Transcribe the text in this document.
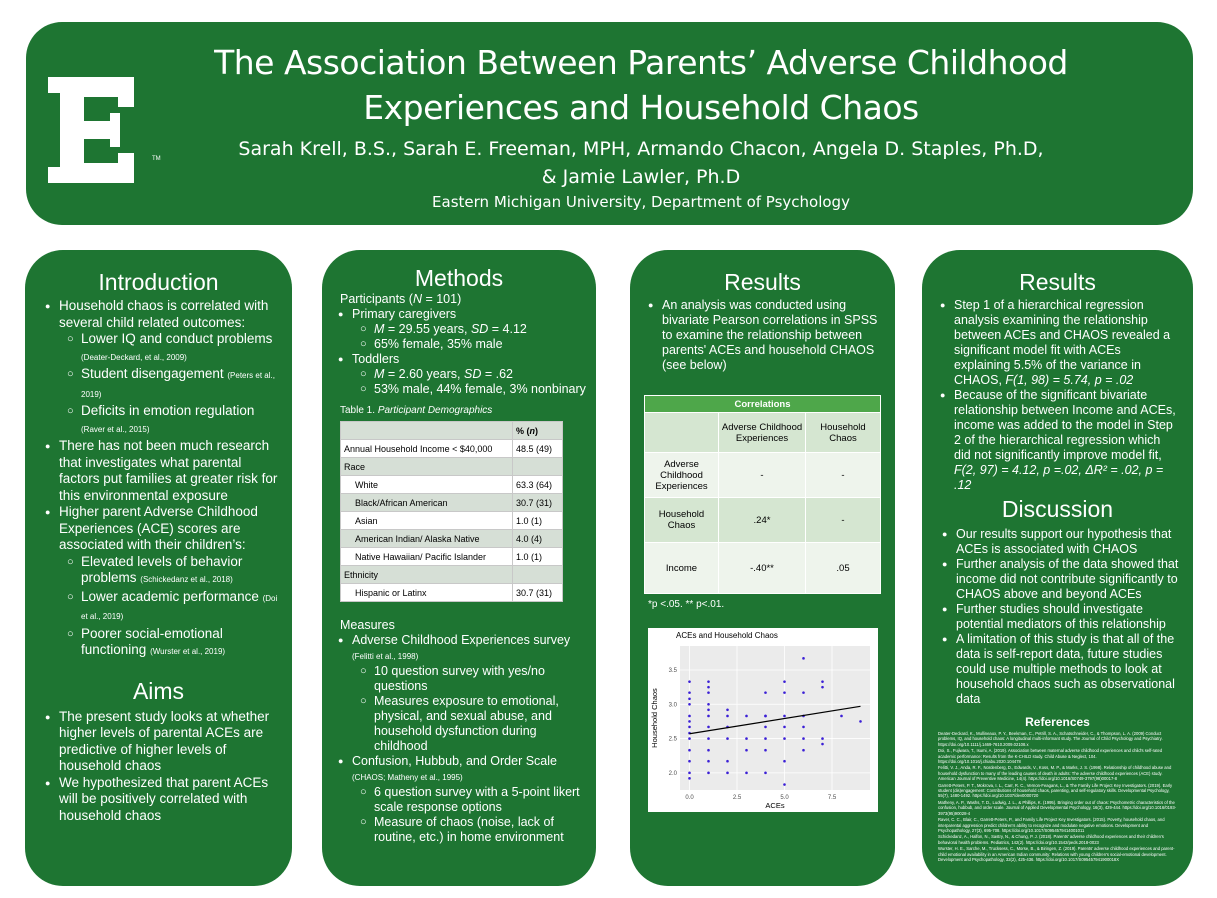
TM
The Association Between Parents’ Adverse Childhood
Experiences and Household Chaos
Sarah Krell, B.S., Sarah E. Freeman, MPH, Armando Chacon, Angela D. Staples, Ph.D,
& Jamie Lawler, Ph.D
Eastern Michigan University, Department of Psychology
Introduction
● Household chaos is correlated with several child related outcomes:
○ Lower IQ and conduct problems
(Deater-Deckard, et al., 2009)
○ Student disengagement (Peters et al., 2019)
○ Deficits in emotion regulation
(Raver et al., 2015)
● There has not been much research that investigates what parental factors put families at greater risk for this environmental exposure
● Higher parent Adverse Childhood Experiences (ACE) scores are associated with their children’s:
○ Elevated levels of behavior problems (Schickedanz et al., 2018)
○ Lower academic performance (Doi et al., 2019)
○ Poorer social-emotional functioning (Wurster et al., 2019)
Aims
● The present study looks at whether higher levels of parental ACEs are predictive of higher levels of household chaos
● We hypothesized that parent ACEs will be positively correlated with household chaos
Methods
Participants (N = 101)
● Primary caregivers
○ M = 29.55 years, SD = 4.12
○ 65% female, 35% male
● Toddlers
○ M = 2.60 years, SD = .62
○ 53% male, 44% female, 3% nonbinary
Table 1. Participant Demographics
	% (n)
Annual Household Income < $40,000	48.5 (49)
Race	
White	63.3 (64)
Black/African American	30.7 (31)
Asian	1.0 (1)
American Indian/ Alaska Native	4.0 (4)
Native Hawaiian/ Pacific Islander	1.0 (1)
Ethnicity	
Hispanic or Latinx	30.7 (31)
Measures
● Adverse Childhood Experiences survey (Felitti et al., 1998)
○ 10 question survey with yes/no questions
○ Measures exposure to emotional, physical, and sexual abuse, and household dysfunction during childhood
● Confusion, Hubbub, and Order Scale
(CHAOS; Matheny et al., 1995)
○ 6 question survey with a 5-point likert scale response options
○ Measure of chaos (noise, lack of routine, etc.) in home environment
Results
● An analysis was conducted using bivariate Pearson correlations in SPSS to examine the relationship between parents' ACEs and household CHAOS (see below)
Correlations		
	Adverse Childhood Experiences	Household Chaos
Adverse Childhood Experiences	-	-
Household Chaos	.24*	-
Income	-.40**	.05
*p <.05. ** p<.01.
0.0	2.5	5.0	7.5
2.0
2.5
3.0
3.5
ACEs and Household Chaos
ACEs
Household Chaos
Results
● Step 1 of a hierarchical regression analysis examining the relationship between ACEs and CHAOS revealed a significant model fit with ACEs explaining 5.5% of the variance in CHAOS, F(1, 98) = 5.74, p = .02
● Because of the significant bivariate relationship between Income and ACEs, income was added to the model in Step 2 of the hierarchical regression which did not significantly improve model fit, F(2, 97) = 4.12, p =.02, ΔR² = .02, p = .12
Discussion
● Our results support our hypothesis that ACEs is associated with CHAOS
● Further analysis of the data showed that income did not contribute significantly to CHAOS above and beyond ACEs
● Further studies should investigate potential mediators of this relationship
● A limitation of this study is that all of the data is self-report data, future studies could use multiple methods to look at household chaos such as observational data
References
Deater-Deckard, K., Mullineaux, P. Y., Beekman, C., Petrill, S. A., Schatschneider, C., & Thompson, L. A. (2009) Conduct problems, IQ, and household chaos: A longitudinal multi-informant study. The Journal of Child Psychology and Psychiatry. https://doi.org/10.1111/j.1469-7610.2009.02108.x
Doi, S., Fujiwara, T., Isumi, A. (2019). Association between maternal adverse childhood experiences and child's self-rated academic performance: Results from the K-CHILD study. Child Abuse & Neglect, 104. https://doi.org/10.1016/j.chiabu.2020.104478
Felitti, V. J., Anda, R. F., Nordenberg, D., Edwards, V., Koss, M. P., & Marks, J. S. (1998). Relationship of childhood abuse and household dysfunction to many of the leading causes of death in adults: The adverse childhood experiences (ACE) study. American Journal of Preventive Medicine, 14(4). https://doi.org/10.1016/S0749-3797(98)00017-8
Garrett-Peters, P. T., Mokrova, I. L., Carr, R. C., Vernon-Feagans, L., & The Family Life Project Key Investigators. (2019). Early student (dis)engagement: Contributions of household chaos, parenting, and self-regulatory skills. Developmental Psychology, 55(7), 1480-1492. https://doi.org/10.1037/dev0000720
Matheny, A. P., Washs, T. D., Ludwig, J. L., & Phillips, K. (1995). Bringing order out of chaos: Psychometric characteristics of the confusion, hubbub, and order scale. Journal of Applied Developmental Psychology, 16(3), 429-444. https://doi.org/10.1016/0193-3973(95)90028-4
Raver, C. C., Blair, C., Garrett-Peters, P., and Family Life Project Key Investigators. (2015). Poverty, household chaos, and interparental aggression predict children's ability to recognize and modulate negative emotions. Development and Psychopathology, 27(3), 695-708. https://doi.org/10.1017/S0954579414001011
Schickedanz, A., Halfon, N., Sastry, N., & Chung, P. J. (2018). Parents' adverse childhood experiences and their children's behavioral health problems. Pediatrics, 142(2). https://doi.org/10.1542/peds.2018-0023
Wurster, H. E., Sarche, M., Trucksess, C., Morse, B., & Biringen, Z. (2019). Parents' adverse childhood experiences and parent-child emotional availability in an American Indian community: Relations with young children's social-emotional development. Development and Psychopathology, 32(2), 425-436. https://doi.org/10.1017/S095457941900018X
